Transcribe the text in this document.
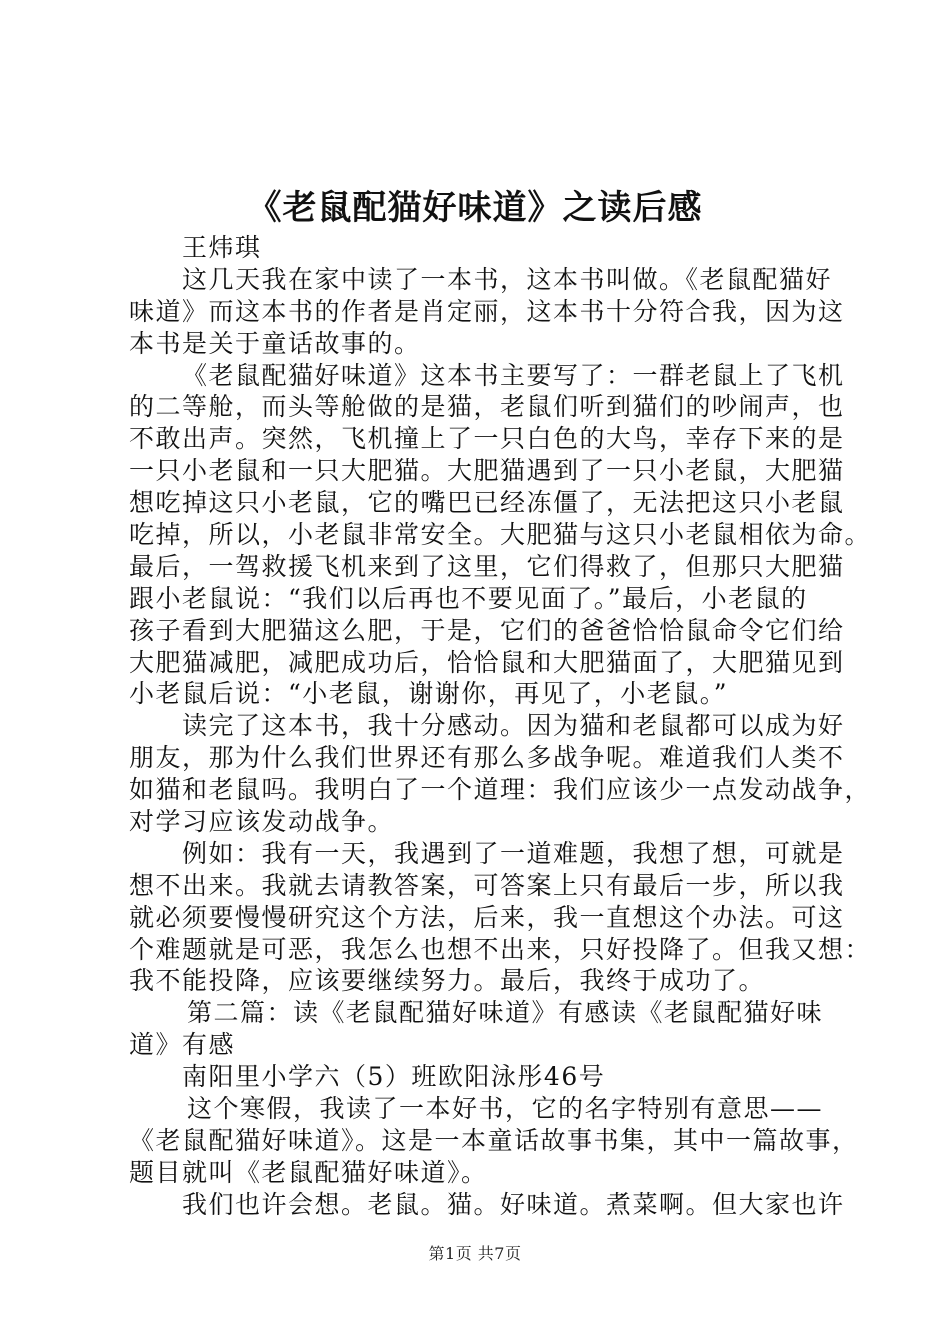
《老鼠配猫好味道》之读后感
王炜琪
这几天我在家中读了一本书，这本书叫做。《老鼠配猫好
味道》而这本书的作者是肖定丽，这本书十分符合我，因为这
本书是关于童话故事的。
《老鼠配猫好味道》这本书主要写了：一群老鼠上了飞机
的二等舱，而头等舱做的是猫，老鼠们听到猫们的吵闹声，也
不敢出声。突然，飞机撞上了一只白色的大鸟，幸存下来的是
一只小老鼠和一只大肥猫。大肥猫遇到了一只小老鼠，大肥猫
想吃掉这只小老鼠，它的嘴巴已经冻僵了，无法把这只小老鼠
吃掉，所以，小老鼠非常安全。大肥猫与这只小老鼠相依为命。
最后，一驾救援飞机来到了这里，它们得救了，但那只大肥猫
跟小老鼠说：“我们以后再也不要见面了。”最后，小老鼠的
孩子看到大肥猫这么肥，于是，它们的爸爸恰恰鼠命令它们给
大肥猫减肥，减肥成功后，恰恰鼠和大肥猫面了，大肥猫见到
小老鼠后说：“小老鼠，谢谢你，再见了，小老鼠。”
读完了这本书，我十分感动。因为猫和老鼠都可以成为好
朋友，那为什么我们世界还有那么多战争呢。难道我们人类不
如猫和老鼠吗。我明白了一个道理：我们应该少一点发动战争，
对学习应该发动战争。
例如：我有一天，我遇到了一道难题，我想了想，可就是
想不出来。我就去请教答案，可答案上只有最后一步，所以我
就必须要慢慢研究这个方法，后来，我一直想这个办法。可这
个难题就是可恶，我怎么也想不出来，只好投降了。但我又想：
我不能投降，应该要继续努力。最后，我终于成功了。
第二篇：读《老鼠配猫好味道》有感读《老鼠配猫好味
道》有感
南阳里小学六（5）班欧阳泳彤46号
这个寒假，我读了一本好书，它的名字特别有意思——
《老鼠配猫好味道》。这是一本童话故事书集，其中一篇故事，
题目就叫《老鼠配猫好味道》。
我们也许会想。老鼠。猫。好味道。煮菜啊。但大家也许
第1页 共7页
